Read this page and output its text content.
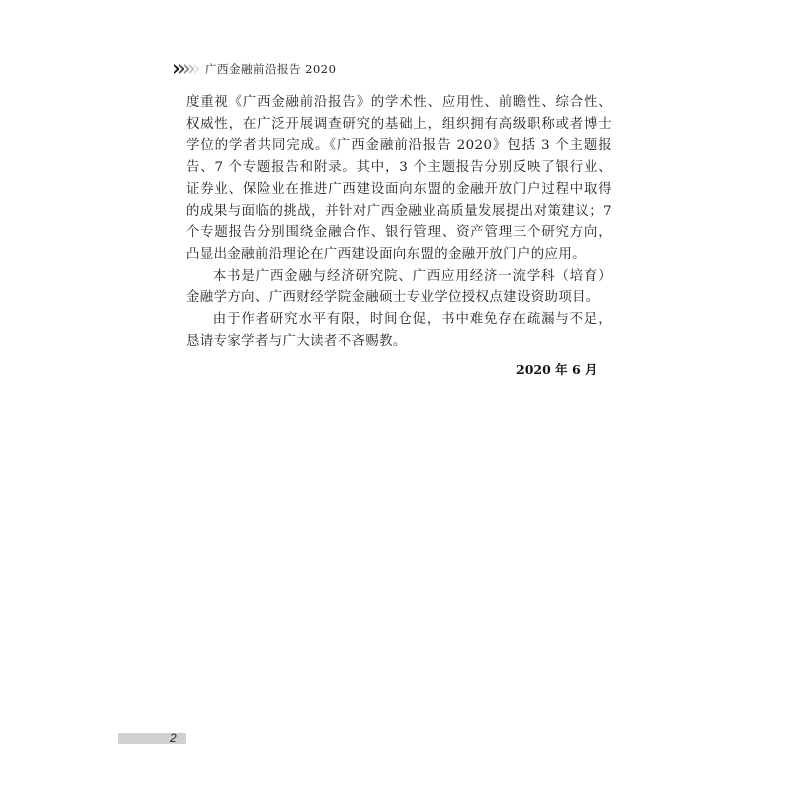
广西金融前沿报告 2020

度重视《广西金融前沿报告》的学术性、应用性、前瞻性、综合性、权威性，在广泛开展调查研究的基础上，组织拥有高级职称或者博士学位的学者共同完成。《广西金融前沿报告 2020》包括 3 个主题报告、7 个专题报告和附录。其中，3 个主题报告分别反映了银行业、证券业、保险业在推进广西建设面向东盟的金融开放门户过程中取得的成果与面临的挑战，并针对广西金融业高质量发展提出对策建议；7 个专题报告分别围绕金融合作、银行管理、资产管理三个研究方向，凸显出金融前沿理论在广西建设面向东盟的金融开放门户的应用。

本书是广西金融与经济研究院、广西应用经济一流学科（培育）金融学方向、广西财经学院金融硕士专业学位授权点建设资助项目。

由于作者研究水平有限，时间仓促，书中难免存在疏漏与不足，恳请专家学者与广大读者不吝赐教。

2020 年 6 月
2
